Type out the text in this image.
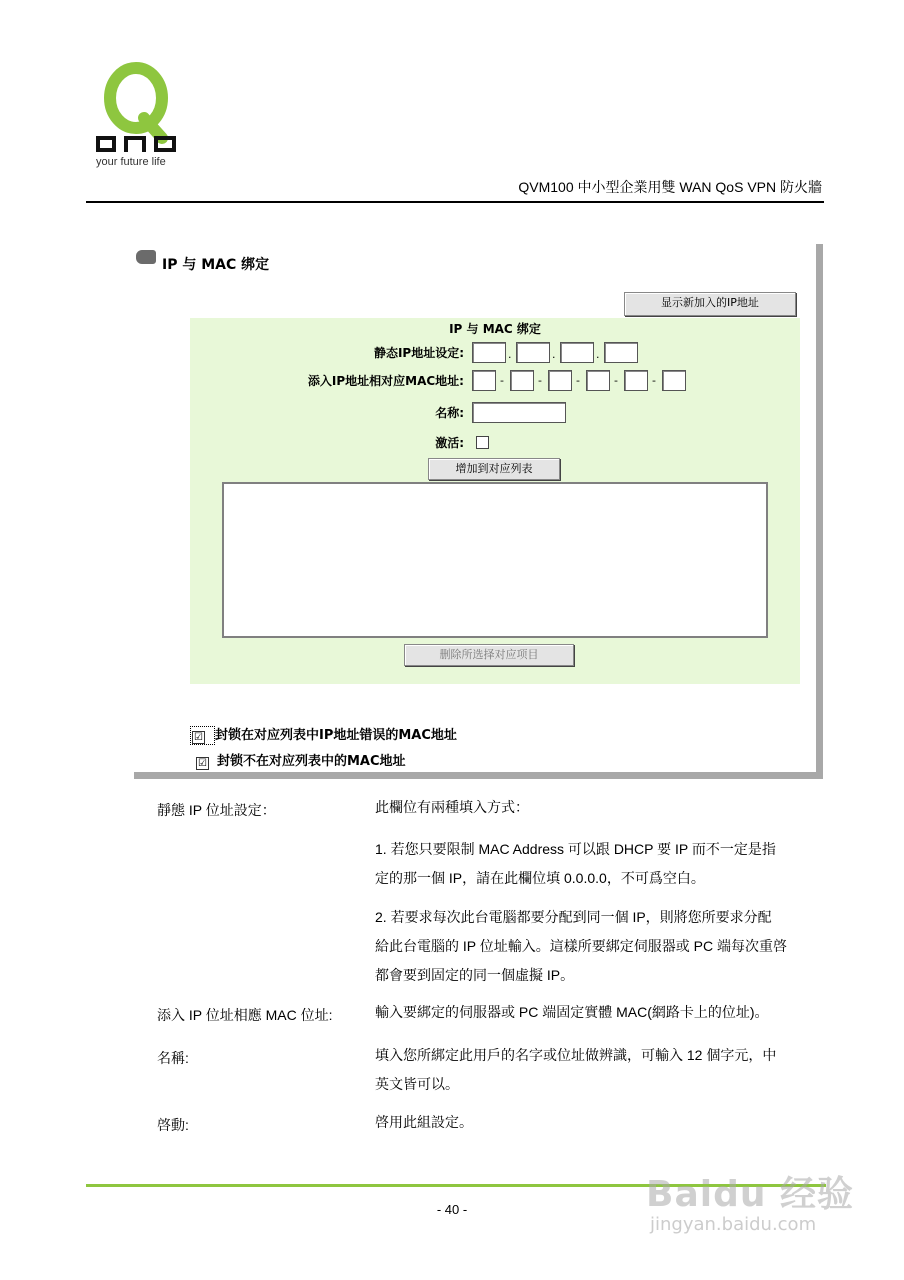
your future life
QVM100 中小型企業用雙 WAN QoS VPN 防火牆
IP 与 MAC 绑定
显示新加入的IP地址
IP 与 MAC 绑定
静态IP地址设定:	.	.	.
添入IP地址相对应MAC地址:	-	-	-	-	-
名称:
激活:
增加到对应列表
删除所选择对应项目
☑ 封锁在对应列表中IP地址错误的MAC地址
☑ 封锁不在对应列表中的MAC地址
靜態 IP 位址設定：	此欄位有兩種填入方式：
1. 若您只要限制 MAC Address 可以跟 DHCP 要 IP 而不一定是指
定的那一個 IP，請在此欄位填 0.0.0.0，不可爲空白。
2. 若要求每次此台電腦都要分配到同一個 IP，則將您所要求分配
給此台電腦的 IP 位址輸入。這樣所要綁定伺服器或 PC 端每次重啓
都會要到固定的同一個虛擬 IP。
添入 IP 位址相應 MAC 位址:	輸入要綁定的伺服器或 PC 端固定實體 MAC(網路卡上的位址)。
名稱:	填入您所綁定此用戶的名字或位址做辨識，可輸入 12 個字元，中
英文皆可以。
啓動:	啓用此組設定。
- 40 -	Baidu 经验
jingyan.baidu.com
